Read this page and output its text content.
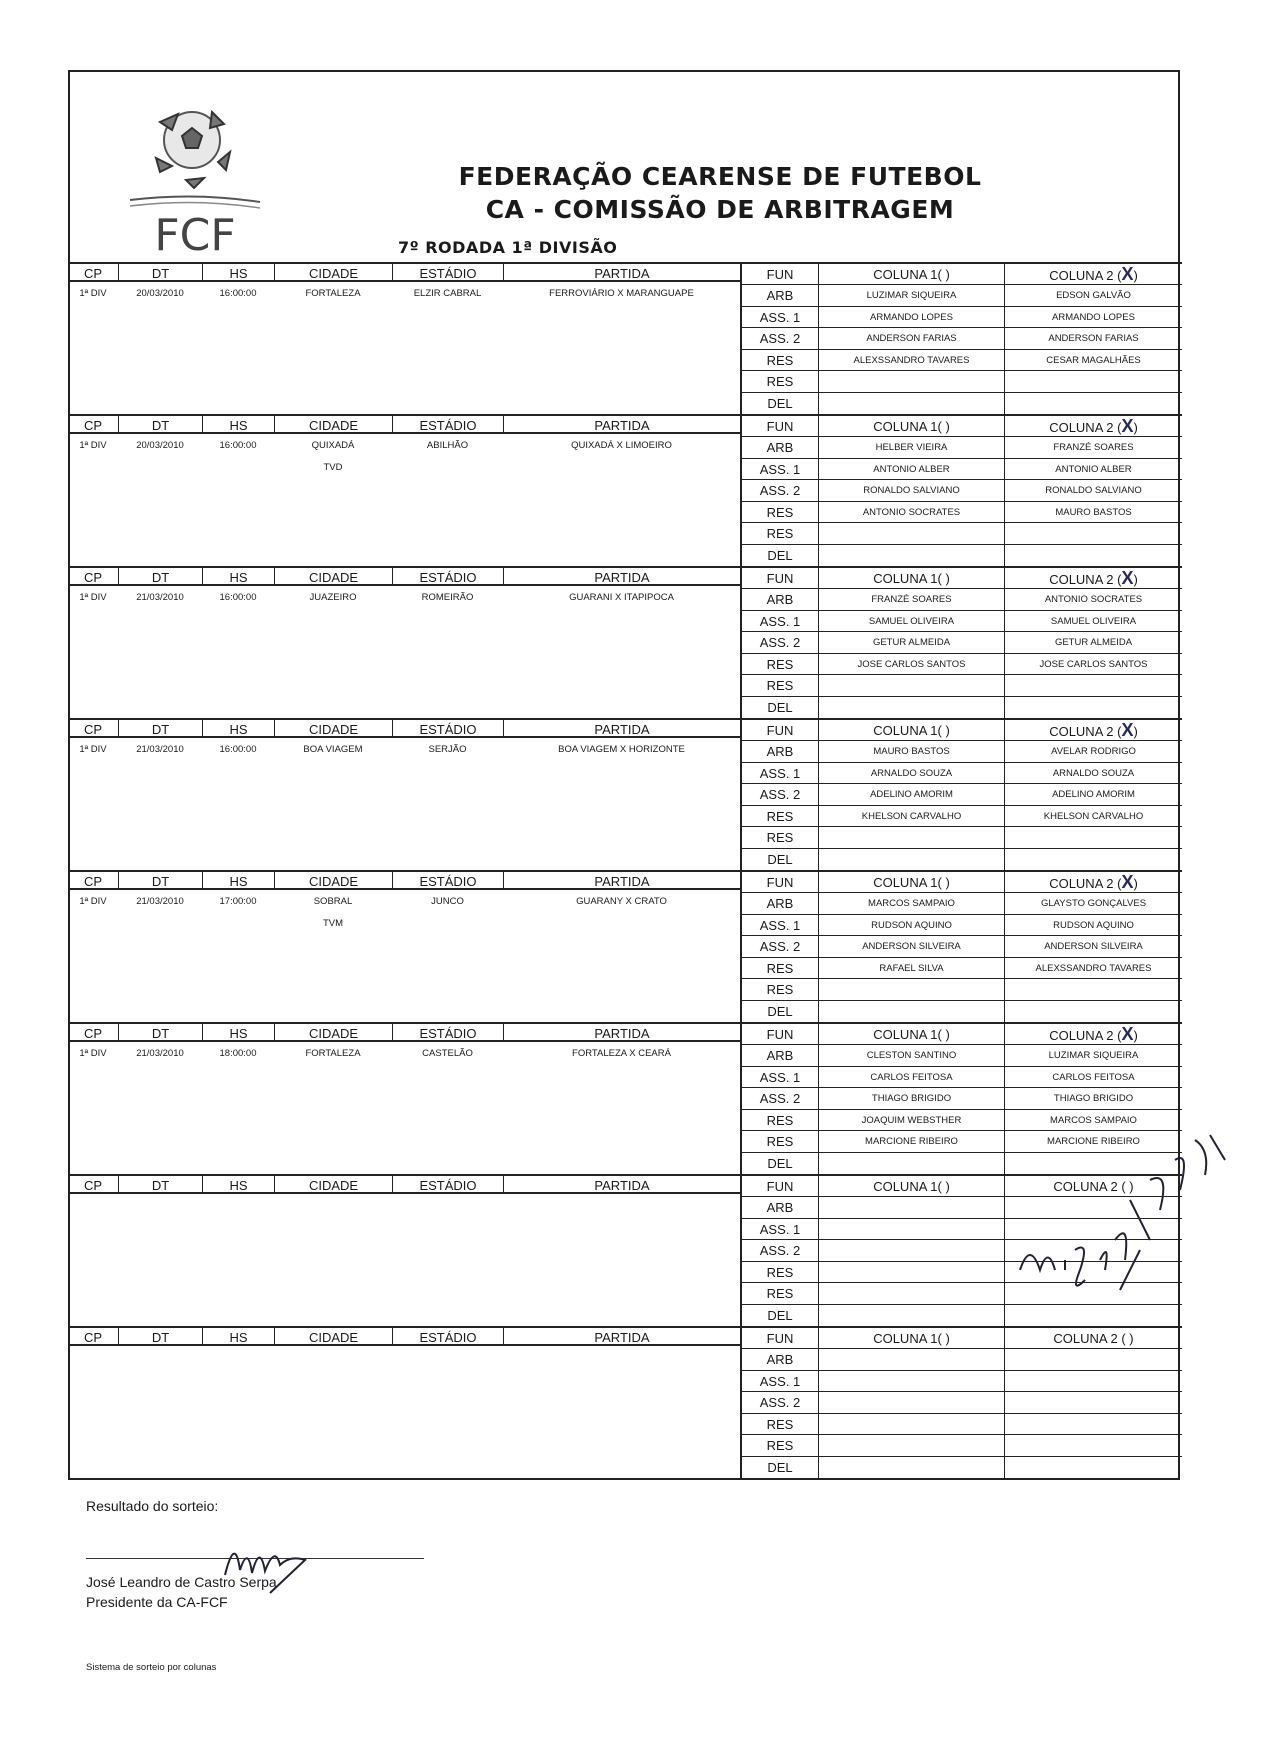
FCF
FEDERAÇÃO CEARENSE DE FUTEBOL
CA - COMISSÃO DE ARBITRAGEM
7º RODADA 1ª DIVISÃO
CP	DT	HS	CIDADE	ESTÁDIO	PARTIDA
1ª DIV	20/03/2010	16:00:00	FORTALEZA	ELZIR CABRAL	FERROVIÁRIO X MARANGUAPE
FUN	COLUNA 1( )	COLUNA 2 (X)
ARB	LUZIMAR SIQUEIRA	EDSON GALVÃO
ASS. 1	ARMANDO LOPES	ARMANDO LOPES
ASS. 2	ANDERSON FARIAS	ANDERSON FARIAS
RES	ALEXSSANDRO TAVARES	CESAR MAGALHÃES
RES
DEL
CP	DT	HS	CIDADE	ESTÁDIO	PARTIDA
1ª DIV	20/03/2010	16:00:00	QUIXADÁ	ABILHÃO	QUIXADÁ X LIMOEIRO
TVD
FUN	COLUNA 1( )	COLUNA 2 (X)
ARB	HELBER VIEIRA	FRANZÉ SOARES
ASS. 1	ANTONIO ALBER	ANTONIO ALBER
ASS. 2	RONALDO SALVIANO	RONALDO SALVIANO
RES	ANTONIO SOCRATES	MAURO BASTOS
RES
DEL
CP	DT	HS	CIDADE	ESTÁDIO	PARTIDA
1ª DIV	21/03/2010	16:00:00	JUAZEIRO	ROMEIRÃO	GUARANI X ITAPIPOCA
FUN	COLUNA 1( )	COLUNA 2 (X)
ARB	FRANZÉ SOARES	ANTONIO SOCRATES
ASS. 1	SAMUEL OLIVEIRA	SAMUEL OLIVEIRA
ASS. 2	GETUR ALMEIDA	GETUR ALMEIDA
RES	JOSE CARLOS SANTOS	JOSE CARLOS SANTOS
RES
DEL
CP	DT	HS	CIDADE	ESTÁDIO	PARTIDA
1ª DIV	21/03/2010	16:00:00	BOA VIAGEM	SERJÃO	BOA VIAGEM X HORIZONTE
FUN	COLUNA 1( )	COLUNA 2 (X)
ARB	MAURO BASTOS	AVELAR RODRIGO
ASS. 1	ARNALDO SOUZA	ARNALDO SOUZA
ASS. 2	ADELINO AMORIM	ADELINO AMORIM
RES	KHELSON CARVALHO	KHELSON CARVALHO
RES
DEL
CP	DT	HS	CIDADE	ESTÁDIO	PARTIDA
1ª DIV	21/03/2010	17:00:00	SOBRAL	JUNCO	GUARANY X CRATO
TVM
FUN	COLUNA 1( )	COLUNA 2 (X)
ARB	MARCOS SAMPAIO	GLAYSTO GONÇALVES
ASS. 1	RUDSON AQUINO	RUDSON AQUINO
ASS. 2	ANDERSON SILVEIRA	ANDERSON SILVEIRA
RES	RAFAEL SILVA	ALEXSSANDRO TAVARES
RES
DEL
CP	DT	HS	CIDADE	ESTÁDIO	PARTIDA
1ª DIV	21/03/2010	18:00:00	FORTALEZA	CASTELÃO	FORTALEZA X CEARÁ
FUN	COLUNA 1( )	COLUNA 2 (X)
ARB	CLESTON SANTINO	LUZIMAR SIQUEIRA
ASS. 1	CARLOS FEITOSA	CARLOS FEITOSA
ASS. 2	THIAGO BRIGIDO	THIAGO BRIGIDO
RES	JOAQUIM WEBSTHER	MARCOS SAMPAIO
RES	MARCIONE RIBEIRO	MARCIONE RIBEIRO
DEL
CP	DT	HS	CIDADE	ESTÁDIO	PARTIDA	FUN	COLUNA 1( )	COLUNA 2 ( )
ARB
ASS. 1
ASS. 2
RES
RES
DEL
CP	DT	HS	CIDADE	ESTÁDIO	PARTIDA	FUN	COLUNA 1( )	COLUNA 2 ( )
ARB
ASS. 1
ASS. 2
RES
RES
DEL
Resultado do sorteio:
José Leandro de Castro Serpa
Presidente da CA-FCF
Sistema de sorteio por colunas
